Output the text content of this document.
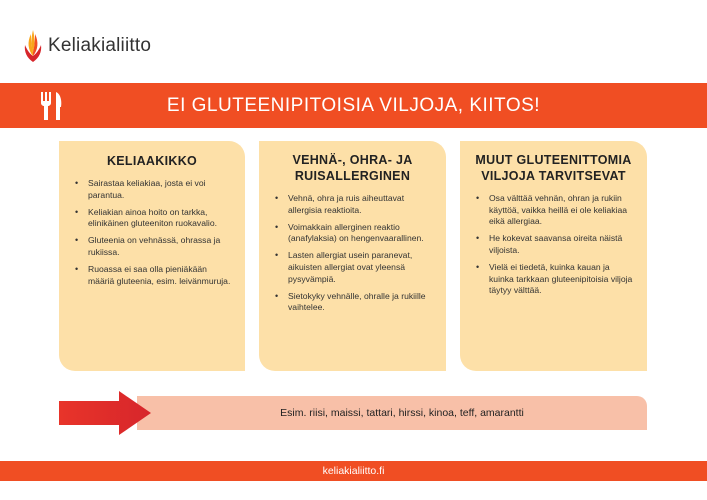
Keliakialiitto
EI GLUTEENIPITOISIA VILJOJA, KIITOS!
KELIAAKIKKO
• Sairastaa keliakiaa, josta ei voi parantua.
• Keliakian ainoa hoito on tarkka, elinikäinen gluteeniton ruokavalio.
• Gluteenia on vehnässä, ohrassa ja rukiissa.
• Ruoassa ei saa olla pieniäkään määriä gluteenia, esim. leivänmuruja.
VEHNÄ-, OHRA- JA RUISALLERGINEN
• Vehnä, ohra ja ruis aiheuttavat allergisia reaktioita.
• Voimakkain allerginen reaktio (anafylaksia) on hengenvaarallinen.
• Lasten allergiat usein paranevat, aikuisten allergiat ovat yleensä pysyvämpiä.
• Sietokyky vehnälle, ohralle ja rukiille vaihtelee.
MUUT GLUTEENITTOMIA VILJOJA TARVITSEVAT
• Osa välttää vehnän, ohran ja rukiin käyttöä, vaikka heillä ei ole keliakiaa eikä allergiaa.
• He kokevat saavansa oireita näistä viljoista.
• Vielä ei tiedetä, kuinka kauan ja kuinka tarkkaan gluteenipitoisia viljoja täytyy välttää.
Esim. riisi, maissi, tattari, hirssi, kinoa, teff, amarantti
keliakialiitto.fi
